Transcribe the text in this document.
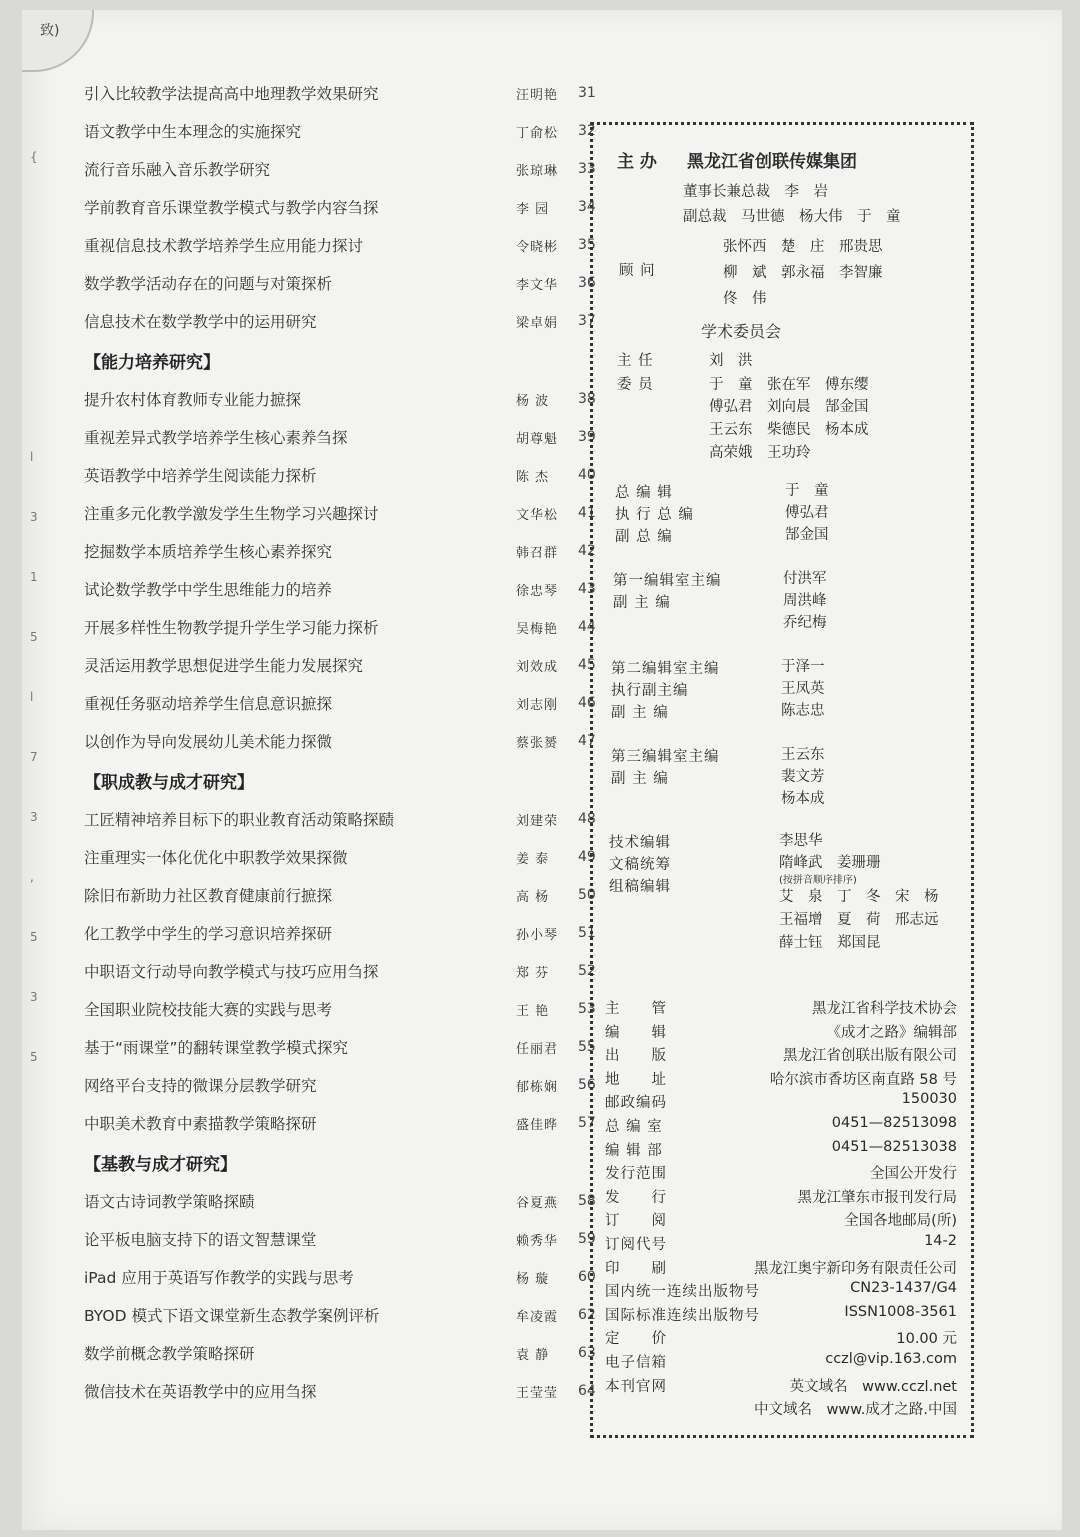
致)
{
l
3
1
5
l
7
3
,
5
3
5
引入比较教学法提高高中地理教学效果研究	汪明艳	31
语文教学中生本理念的实施探究	丁俞松	32
流行音乐融入音乐教学研究	张琼琳	33
学前教育音乐课堂教学模式与教学内容刍探	李 园	34
重视信息技术教学培养学生应用能力探讨	令晓彬	35
数学教学活动存在的问题与对策探析	李文华	36
信息技术在数学教学中的运用研究	梁卓娟	37
【能力培养研究】
提升农村体育教师专业能力摭探	杨 波	38
重视差异式教学培养学生核心素养刍探	胡尊魁	39
英语教学中培养学生阅读能力探析	陈 杰	40
注重多元化教学激发学生生物学习兴趣探讨	文华松	41
挖掘数学本质培养学生核心素养探究	韩召群	42
试论数学教学中学生思维能力的培养	徐忠琴	43
开展多样性生物教学提升学生学习能力探析	吴梅艳	44
灵活运用教学思想促进学生能力发展探究	刘效成	45
重视任务驱动培养学生信息意识摭探	刘志刚	46
以创作为导向发展幼儿美术能力探微	蔡张赟	47
【职成教与成才研究】
工匠精神培养目标下的职业教育活动策略探赜	刘建荣	48
注重理实一体化优化中职教学效果探微	姜 泰	49
除旧布新助力社区教育健康前行摭探	高 杨	50
化工教学中学生的学习意识培养探研	孙小琴	51
中职语文行动导向教学模式与技巧应用刍探	郑 芬	52
全国职业院校技能大赛的实践与思考	王 艳	53
基于“雨课堂”的翻转课堂教学模式探究	任丽君	55
网络平台支持的微课分层教学研究	郁栋娴	56
中职美术教育中素描教学策略探研	盛佳晔	57
【基教与成才研究】
语文古诗词教学策略探赜	谷夏燕	58
论平板电脑支持下的语文智慧课堂	赖秀华	59
iPad 应用于英语写作教学的实践与思考	杨 璇	60
BYOD 模式下语文课堂新生态教学案例评析	牟凌霞	62
数学前概念教学策略探研	袁 静	63
微信技术在英语教学中的应用刍探	王莹莹	64
主 办 黑龙江省创联传媒集团
董事长兼总裁　李　岩
副总裁　马世德　杨大伟　于　童
顾 问
张怀西　楚　庄　邢贵思
柳　斌　郭永福　李智廉
佟　伟
学术委员会
主 任	刘　洪
委 员	于　童　张在军　傅东缨
傅弘君　刘向晨　郜金国
王云东　柴德民　杨本成
高荣娥　王功玲
总 编 辑	于　童
执 行 总 编	傅弘君
副 总 编	郜金国
第一编辑室主编	付洪军
副 主 编	周洪峰
乔纪梅
第二编辑室主编	于泽一
执行副主编	王凤英
副 主 编	陈志忠
第三编辑室主编	王云东
副 主 编	裴文芳
杨本成
技术编辑	李思华
文稿统筹	隋峰武　姜珊珊
(按拼音顺序排序)
组稿编辑
艾　泉　丁　冬　宋　杨
王福增　夏　荷　邢志远
薛士钰　郑国昆
主　　管	黑龙江省科学技术协会
编　　辑	《成才之路》编辑部
出　　版	黑龙江省创联出版有限公司
地　　址	哈尔滨市香坊区南直路 58 号
邮政编码	150030
总 编 室	0451—82513098
编 辑 部	0451—82513038
发行范围	全国公开发行
发　　行	黑龙江肇东市报刊发行局
订　　阅	全国各地邮局(所)
订阅代号	14-2
印　　刷	黑龙江奥宇新印务有限责任公司
国内统一连续出版物号	CN23-1437/G4
国际标准连续出版物号	ISSN1008-3561
定　　价	10.00 元
电子信箱	cczl@vip.163.com
本刊官网	英文域名　www.cczl.net
中文域名　www.成才之路.中国
